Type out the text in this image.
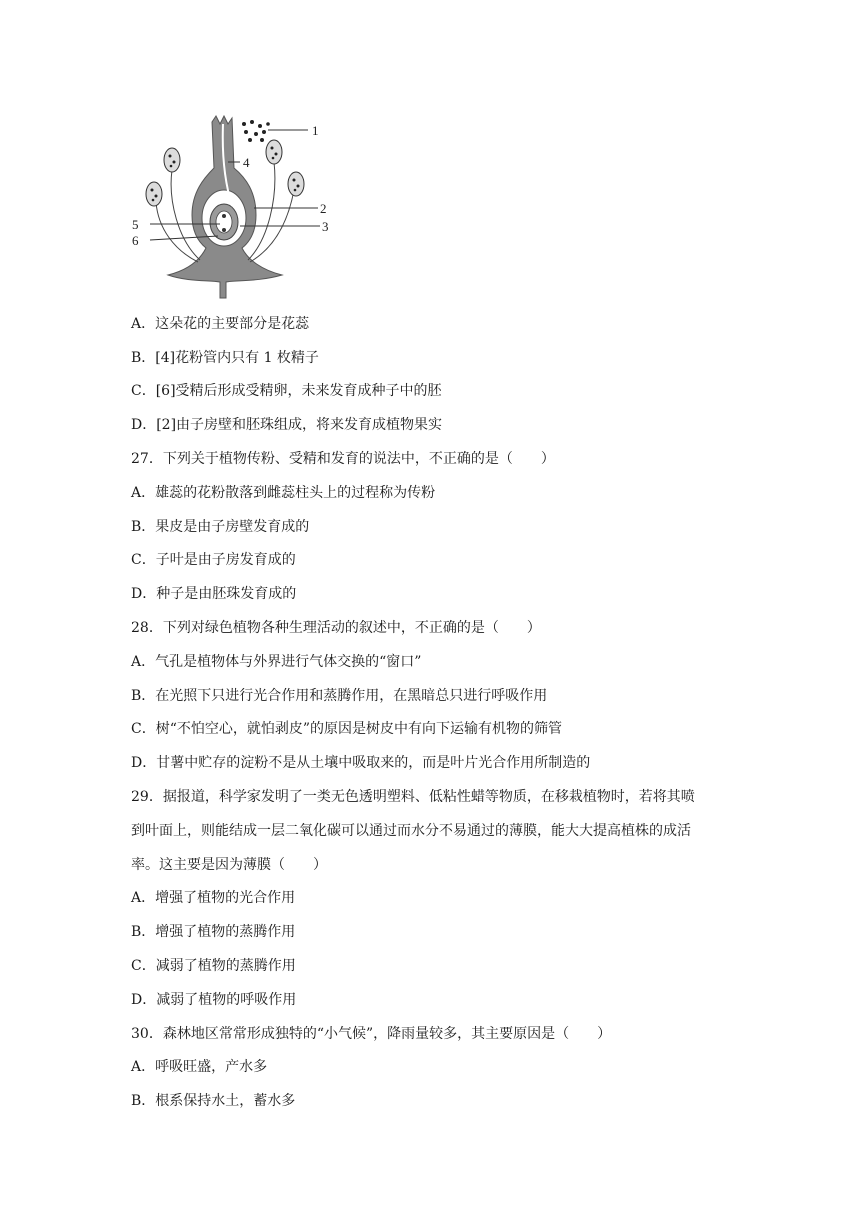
1
2
3
4
5
6
A．这朵花的主要部分是花蕊
B．[4]花粉管内只有 1 枚精子
C．[6]受精后形成受精卵，未来发育成种子中的胚
D．[2]由子房壁和胚珠组成，将来发育成植物果实
27．下列关于植物传粉、受精和发育的说法中，不正确的是（　　）
A．雄蕊的花粉散落到雌蕊柱头上的过程称为传粉
B．果皮是由子房壁发育成的
C．子叶是由子房发育成的
D．种子是由胚珠发育成的
28．下列对绿色植物各种生理活动的叙述中，不正确的是（　　）
A．气孔是植物体与外界进行气体交换的“窗口”
B．在光照下只进行光合作用和蒸腾作用，在黑暗总只进行呼吸作用
C．树“不怕空心，就怕剥皮”的原因是树皮中有向下运输有机物的筛管
D．甘薯中贮存的淀粉不是从土壤中吸取来的，而是叶片光合作用所制造的
29．据报道，科学家发明了一类无色透明塑料、低粘性蜡等物质，在移栽植物时，若将其喷
到叶面上，则能结成一层二氧化碳可以通过而水分不易通过的薄膜，能大大提高植株的成活
率。这主要是因为薄膜（　　）
A．增强了植物的光合作用
B．增强了植物的蒸腾作用
C．减弱了植物的蒸腾作用
D．减弱了植物的呼吸作用
30．森林地区常常形成独特的“小气候”，降雨量较多，其主要原因是（　　）
A．呼吸旺盛，产水多
B．根系保持水土，蓄水多
